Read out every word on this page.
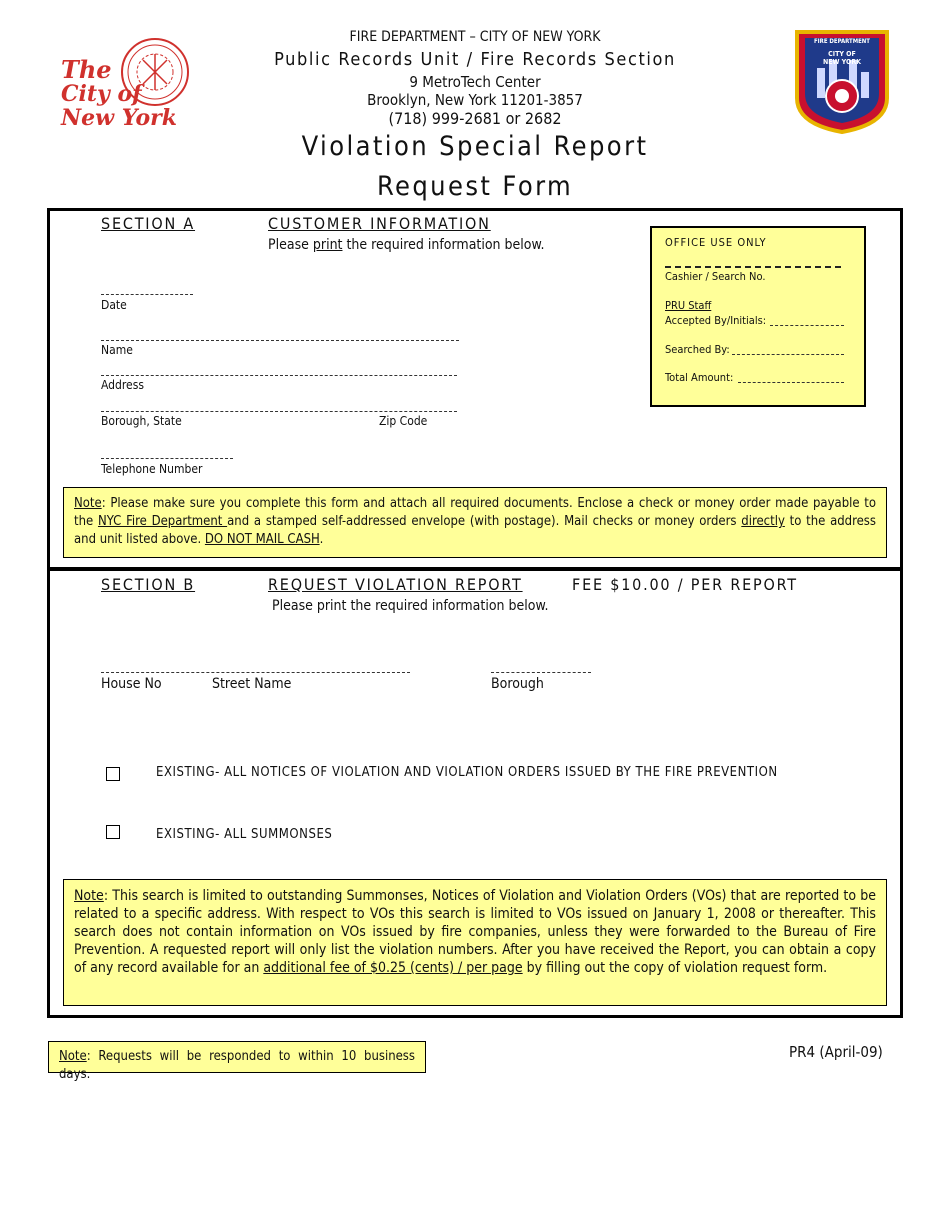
The
City of
New York
FIRE DEPARTMENT
CITY OF
NEW YORK
FIRE DEPARTMENT – CITY OF NEW YORK
Public Records Unit / Fire Records Section
9 MetroTech Center
Brooklyn, New York 11201-3857
(718) 999-2681 or 2682
Violation Special Report
Request Form
SECTION A	CUSTOMER INFORMATION
Please print the required information below.
Date
Name
Address
Borough, State	Zip Code
Telephone Number
OFFICE USE ONLY
Cashier / Search No.
PRU Staff
Accepted By/Initials:
Searched By:
Total Amount:
Note: Please make sure you complete this form and attach all required documents. Enclose a check or money order made payable to the NYC Fire Department and a stamped self-addressed envelope (with postage). Mail checks or money orders directly to the address and unit listed above. DO NOT MAIL CASH.
SECTION B	REQUEST VIOLATION REPORT	FEE $10.00 / PER REPORT
Please print the required information below.
House No	Street Name	Borough
EXISTING- ALL NOTICES OF VIOLATION AND VIOLATION ORDERS ISSUED BY THE FIRE PREVENTION
EXISTING- ALL SUMMONSES
Note: This search is limited to outstanding Summonses, Notices of Violation and Violation Orders (VOs) that are reported to be related to a specific address. With respect to VOs this search is limited to VOs issued on January 1, 2008 or thereafter. This search does not contain information on VOs issued by fire companies, unless they were forwarded to the Bureau of Fire Prevention. A requested report will only list the violation numbers. After you have received the Report, you can obtain a copy of any record available for an additional fee of $0.25 (cents) / per page by filling out the copy of violation request form.
Note: Requests will be responded to within 10 business days.
PR4 (April-09)
